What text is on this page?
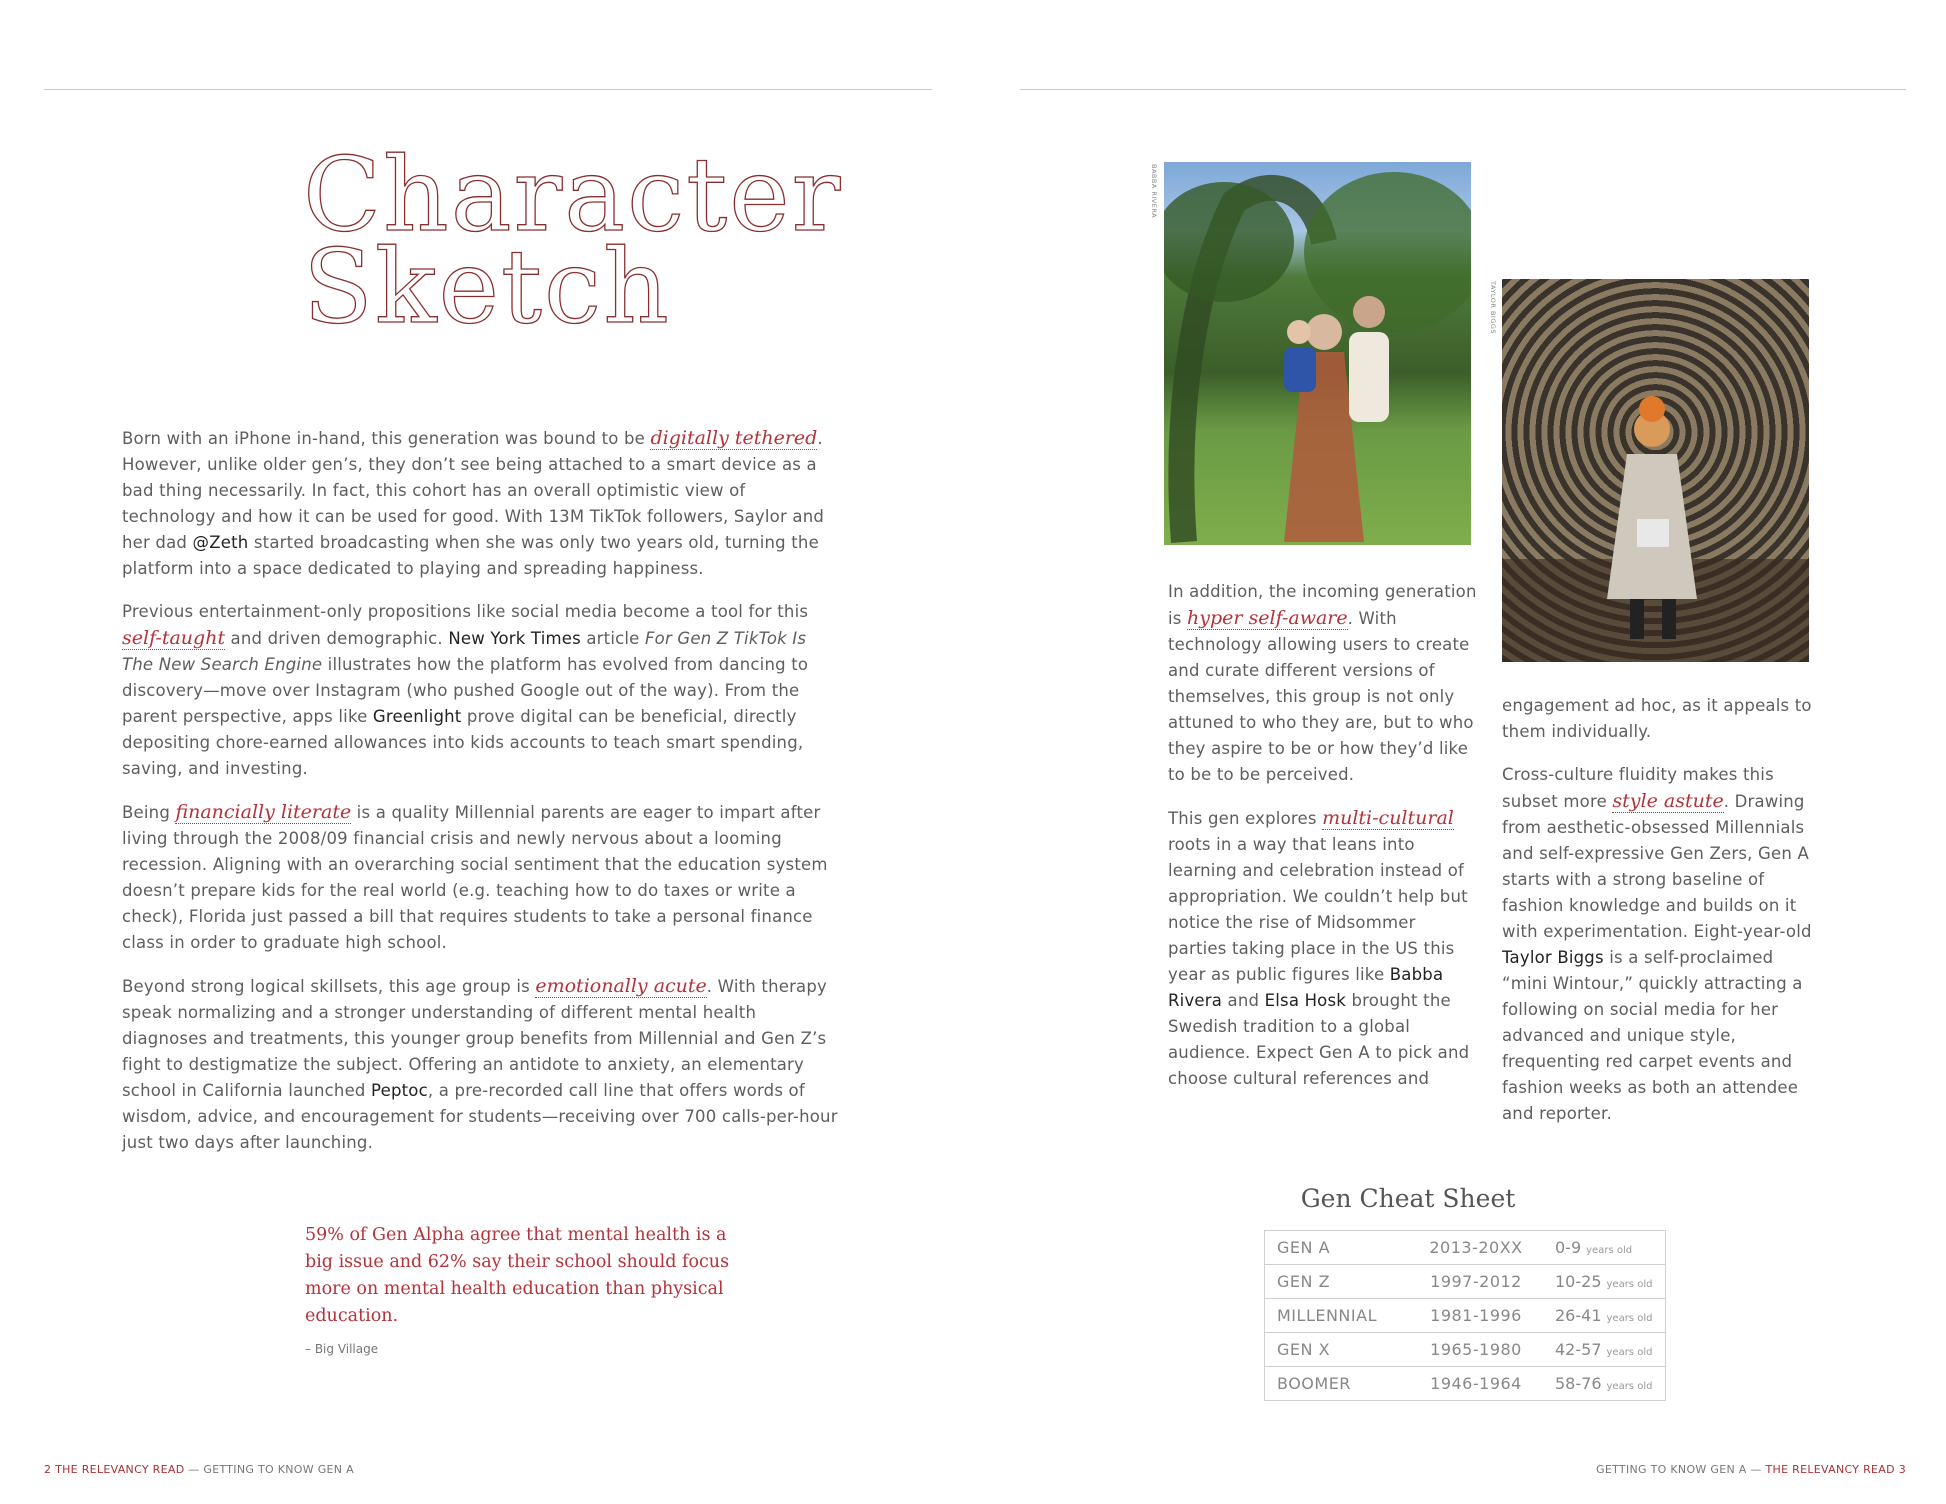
Character
Sketch

Born with an iPhone in-hand, this generation was bound to be digitally tethered. However, unlike older gen’s, they don’t see being attached to a smart device as a bad thing necessarily. In fact, this cohort has an overall optimistic view of technology and how it can be used for good. With 13M TikTok followers, Saylor and her dad @Zeth started broadcasting when she was only two years old, turning the platform into a space dedicated to playing and spreading happiness.

Previous entertainment-only propositions like social media become a tool for this self-taught and driven demographic. New York Times article For Gen Z TikTok Is The New Search Engine illustrates how the platform has evolved from dancing to discovery—move over Instagram (who pushed Google out of the way). From the parent perspective, apps like Greenlight prove digital can be beneficial, directly depositing chore-earned allowances into kids accounts to teach smart spending, saving, and investing.

Being financially literate is a quality Millennial parents are eager to impart after living through the 2008/09 financial crisis and newly nervous about a looming recession. Aligning with an overarching social sentiment that the education system doesn’t prepare kids for the real world (e.g. teaching how to do taxes or write a check), Florida just passed a bill that requires students to take a personal finance class in order to graduate high school.

Beyond strong logical skillsets, this age group is emotionally acute. With therapy speak normalizing and a stronger understanding of different mental health diagnoses and treatments, this younger group benefits from Millennial and Gen Z’s fight to destigmatize the subject. Offering an antidote to anxiety, an elementary school in California launched Peptoc, a pre-recorded call line that offers words of wisdom, advice, and encouragement for students—receiving over 700 calls-per-hour just two days after launching.

59% of Gen Alpha agree that mental health is a big issue and 62% say their school should focus more on mental health education than physical education.
– Big Village
2 THE RELEVANCY READ — GETTING TO KNOW GEN A
BABBA RIVERA
TAYLOR BIGGS

In addition, the incoming generation is hyper self-aware. With technology allowing users to create and curate different versions of themselves, this group is not only attuned to who they are, but to who they aspire to be or how they’d like to be to be perceived.

This gen explores multi-cultural roots in a way that leans into learning and celebration instead of appropriation. We couldn’t help but notice the rise of Midsommer parties taking place in the US this year as public figures like Babba Rivera and Elsa Hosk brought the Swedish tradition to a global audience. Expect Gen A to pick and choose cultural references and

engagement ad hoc, as it appeals to them individually.

Cross-culture fluidity makes this subset more style astute. Drawing from aesthetic-obsessed Millennials and self-expressive Gen Zers, Gen A starts with a strong baseline of fashion knowledge and builds on it with experimentation. Eight-year-old Taylor Biggs is a self-proclaimed “mini Wintour,” quickly attracting a following on social media for her advanced and unique style, frequenting red carpet events and fashion weeks as both an attendee and reporter.

Gen Cheat Sheet
GEN A	2013-20XX	0-9 years old
GEN Z	1997-2012	10-25 years old
MILLENNIAL	1981-1996	26-41 years old
GEN X	1965-1980	42-57 years old
BOOMER	1946-1964	58-76 years old
GETTING TO KNOW GEN A — THE RELEVANCY READ 3
